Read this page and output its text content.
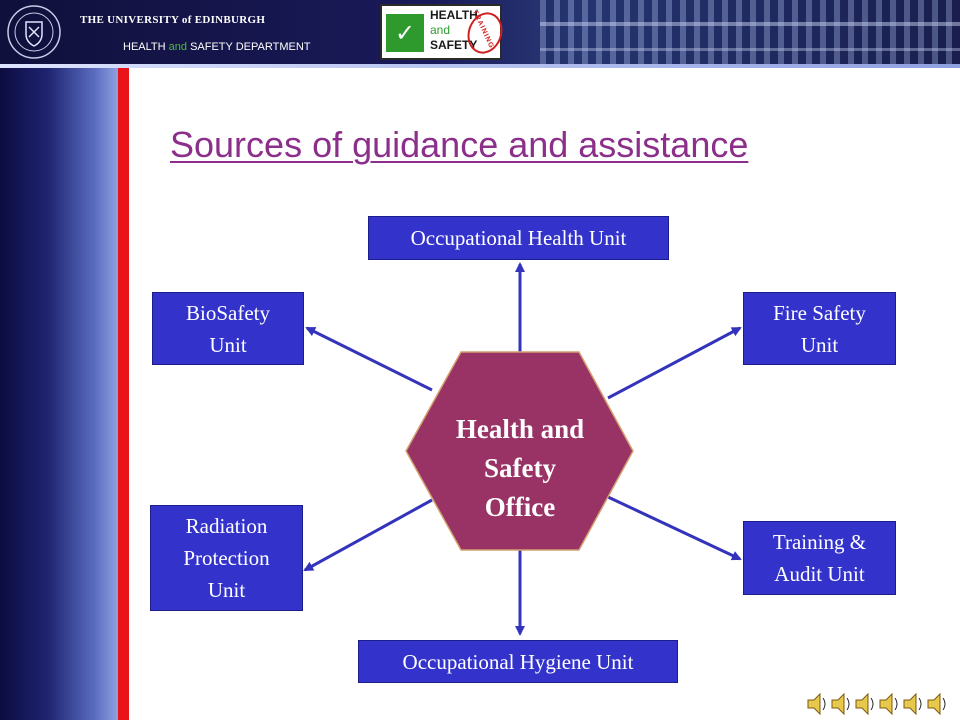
THE UNIVERSITY of EDINBURGH
HEALTH and SAFETY DEPARTMENT	✓
HEALTH
and
SAFETY
TRAINING
Sources of guidance and assistance
Health and
Safety
Office
Occupational Health Unit
BioSafety
Unit
Fire Safety
Unit
Radiation
Protection
Unit
Training &
Audit Unit
Occupational Hygiene Unit
